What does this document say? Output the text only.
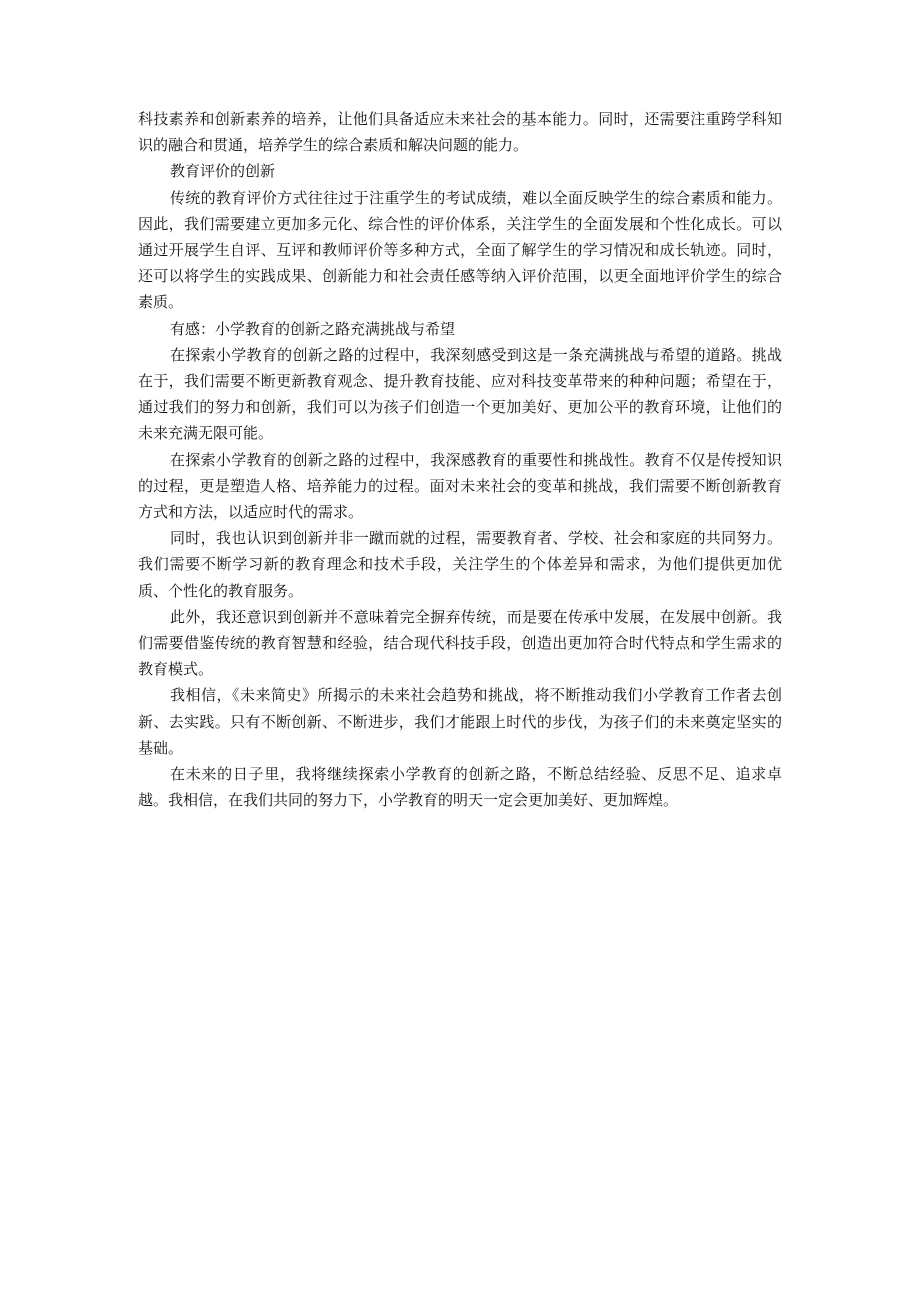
科技素养和创新素养的培养，让他们具备适应未来社会的基本能力。同时，还需要注重跨学科知识的融合和贯通，培养学生的综合素质和解决问题的能力。

教育评价的创新

传统的教育评价方式往往过于注重学生的考试成绩，难以全面反映学生的综合素质和能力。因此，我们需要建立更加多元化、综合性的评价体系，关注学生的全面发展和个性化成长。可以通过开展学生自评、互评和教师评价等多种方式，全面了解学生的学习情况和成长轨迹。同时，还可以将学生的实践成果、创新能力和社会责任感等纳入评价范围，以更全面地评价学生的综合素质。

有感：小学教育的创新之路充满挑战与希望

在探索小学教育的创新之路的过程中，我深刻感受到这是一条充满挑战与希望的道路。挑战在于，我们需要不断更新教育观念、提升教育技能、应对科技变革带来的种种问题；希望在于，通过我们的努力和创新，我们可以为孩子们创造一个更加美好、更加公平的教育环境，让他们的未来充满无限可能。

在探索小学教育的创新之路的过程中，我深感教育的重要性和挑战性。教育不仅是传授知识的过程，更是塑造人格、培养能力的过程。面对未来社会的变革和挑战，我们需要不断创新教育方式和方法，以适应时代的需求。

同时，我也认识到创新并非一蹴而就的过程，需要教育者、学校、社会和家庭的共同努力。我们需要不断学习新的教育理念和技术手段，关注学生的个体差异和需求，为他们提供更加优质、个性化的教育服务。

此外，我还意识到创新并不意味着完全摒弃传统，而是要在传承中发展，在发展中创新。我们需要借鉴传统的教育智慧和经验，结合现代科技手段，创造出更加符合时代特点和学生需求的教育模式。

我相信，《未来简史》所揭示的未来社会趋势和挑战，将不断推动我们小学教育工作者去创新、去实践。只有不断创新、不断进步，我们才能跟上时代的步伐，为孩子们的未来奠定坚实的基础。

在未来的日子里，我将继续探索小学教育的创新之路，不断总结经验、反思不足、追求卓越。我相信，在我们共同的努力下，小学教育的明天一定会更加美好、更加辉煌。
